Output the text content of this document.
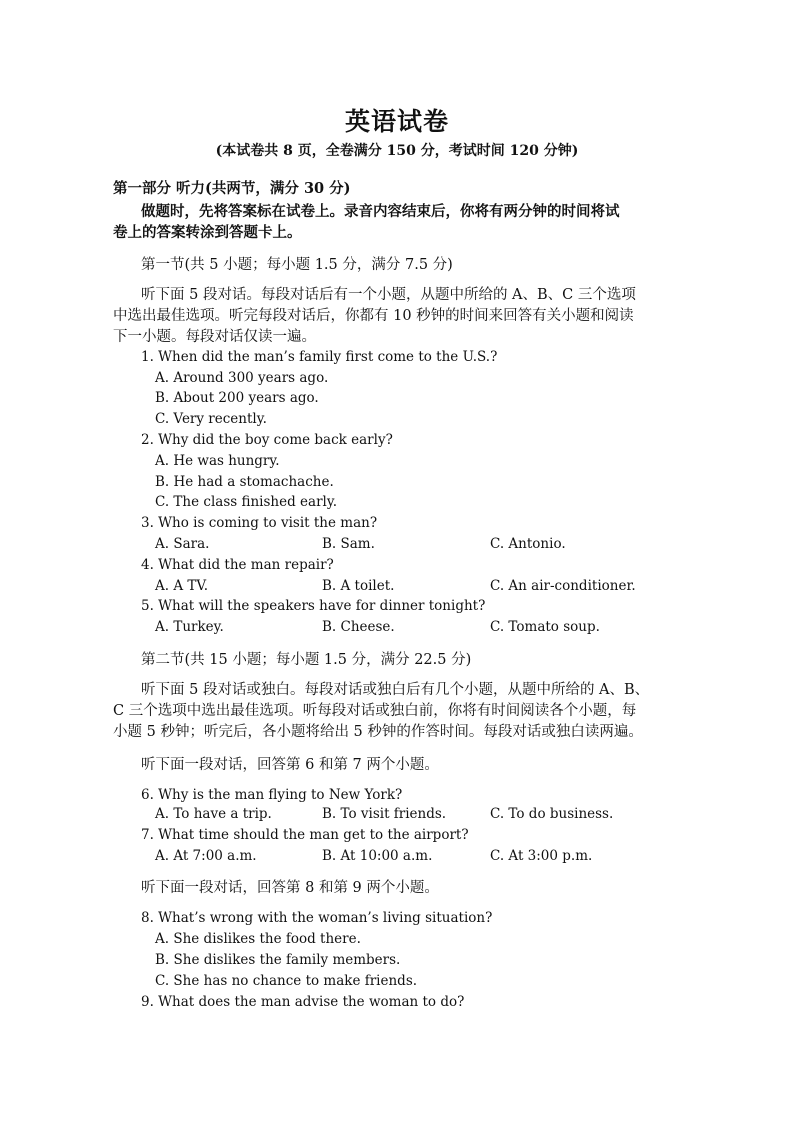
英语试卷
(本试卷共 8 页，全卷满分 150 分，考试时间 120 分钟)
第一部分 听力(共两节，满分 30 分)
做题时，先将答案标在试卷上。录音内容结束后，你将有两分钟的时间将试
卷上的答案转涂到答题卡上。
第一节(共 5 小题；每小题 1.5 分，满分 7.5 分)
听下面 5 段对话。每段对话后有一个小题，从题中所给的 A、B、C 三个选项
中选出最佳选项。听完每段对话后，你都有 10 秒钟的时间来回答有关小题和阅读
下一小题。每段对话仅读一遍。
1. When did the man’s family first come to the U.S.?
A. Around 300 years ago.
B. About 200 years ago.
C. Very recently.
2. Why did the boy come back early?
A. He was hungry.
B. He had a stomachache.
C. The class finished early.
3. Who is coming to visit the man?
A. Sara.	B. Sam.	C. Antonio.
4. What did the man repair?
A. A TV.	B. A toilet.	C. An air-conditioner.
5. What will the speakers have for dinner tonight?
A. Turkey.	B. Cheese.	C. Tomato soup.
第二节(共 15 小题；每小题 1.5 分，满分 22.5 分)
听下面 5 段对话或独白。每段对话或独白后有几个小题，从题中所给的 A、B、
C 三个选项中选出最佳选项。听每段对话或独白前，你将有时间阅读各个小题，每
小题 5 秒钟；听完后，各小题将给出 5 秒钟的作答时间。每段对话或独白读两遍。
听下面一段对话，回答第 6 和第 7 两个小题。
6. Why is the man flying to New York?
A. To have a trip.	B. To visit friends.	C. To do business.
7. What time should the man get to the airport?
A. At 7:00 a.m.	B. At 10:00 a.m.	C. At 3:00 p.m.
听下面一段对话，回答第 8 和第 9 两个小题。
8. What’s wrong with the woman’s living situation?
A. She dislikes the food there.
B. She dislikes the family members.
C. She has no chance to make friends.
9. What does the man advise the woman to do?
